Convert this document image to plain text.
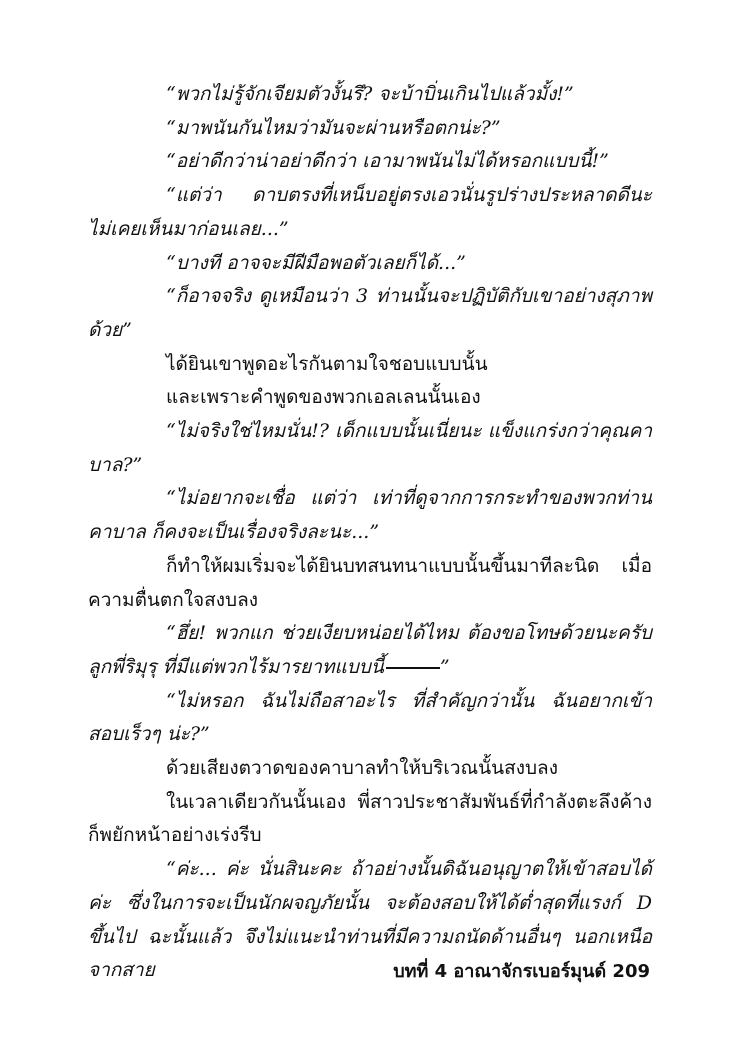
“พวกไม่รู้จักเจียมตัวงั้นรึ? จะบ้าบิ่นเกินไปแล้วมั้ง!”

“มาพนันกันไหมว่ามันจะผ่านหรือตกน่ะ?”

“อย่าดีกว่าน่าอย่าดีกว่า เอามาพนันไม่ได้หรอกแบบนี้!”

“แต่ว่า ดาบตรงที่เหน็บอยู่ตรงเอวนั่นรูปร่างประหลาดดีนะ ไม่เคยเห็นมาก่อนเลย...”

“บางที อาจจะมีฝีมือพอตัวเลยก็ได้...”

“ก็อาจจริง ดูเหมือนว่า 3 ท่านนั้นจะปฏิบัติกับเขาอย่างสุภาพด้วย”

ได้ยินเขาพูดอะไรกันตามใจชอบแบบนั้น

และเพราะคำพูดของพวกเอลเลนนั้นเอง

“ไม่จริงใช่ไหมนั่น!? เด็กแบบนั้นเนี่ยนะ แข็งแกร่งกว่าคุณคาบาล?”

“ไม่อยากจะเชื่อ แต่ว่า เท่าที่ดูจากการกระทำของพวกท่านคาบาล ก็คงจะเป็นเรื่องจริงละนะ...”

ก็ทำให้ผมเริ่มจะได้ยินบทสนทนาแบบนั้นขึ้นมาทีละนิด เมื่อความตื่นตกใจสงบลง

“ฮึ่ย! พวกแก ช่วยเงียบหน่อยได้ไหม ต้องขอโทษด้วยนะครับลูกพี่ริมุรุ ที่มีแต่พวกไร้มารยาทแบบนี้	”

“ไม่หรอก ฉันไม่ถือสาอะไร ที่สำคัญกว่านั้น ฉันอยากเข้าสอบเร็วๆ น่ะ?”

ด้วยเสียงตวาดของคาบาลทำให้บริเวณนั้นสงบลง

ในเวลาเดียวกันนั้นเอง พี่สาวประชาสัมพันธ์ที่กำลังตะลึงค้างก็พยักหน้าอย่างเร่งรีบ

“ค่ะ... ค่ะ นั่นสินะคะ ถ้าอย่างนั้นดิฉันอนุญาตให้เข้าสอบได้ค่ะ ซึ่งในการจะเป็นนักผจญภัยนั้น จะต้องสอบให้ได้ต่ำสุดที่แรงก์ D ขึ้นไป ฉะนั้นแล้ว จึงไม่แนะนำท่านที่มีความถนัดด้านอื่นๆ นอกเหนือจากสาย	บทที่ 4 อาณาจักรเบอร์มุนด์ 209
